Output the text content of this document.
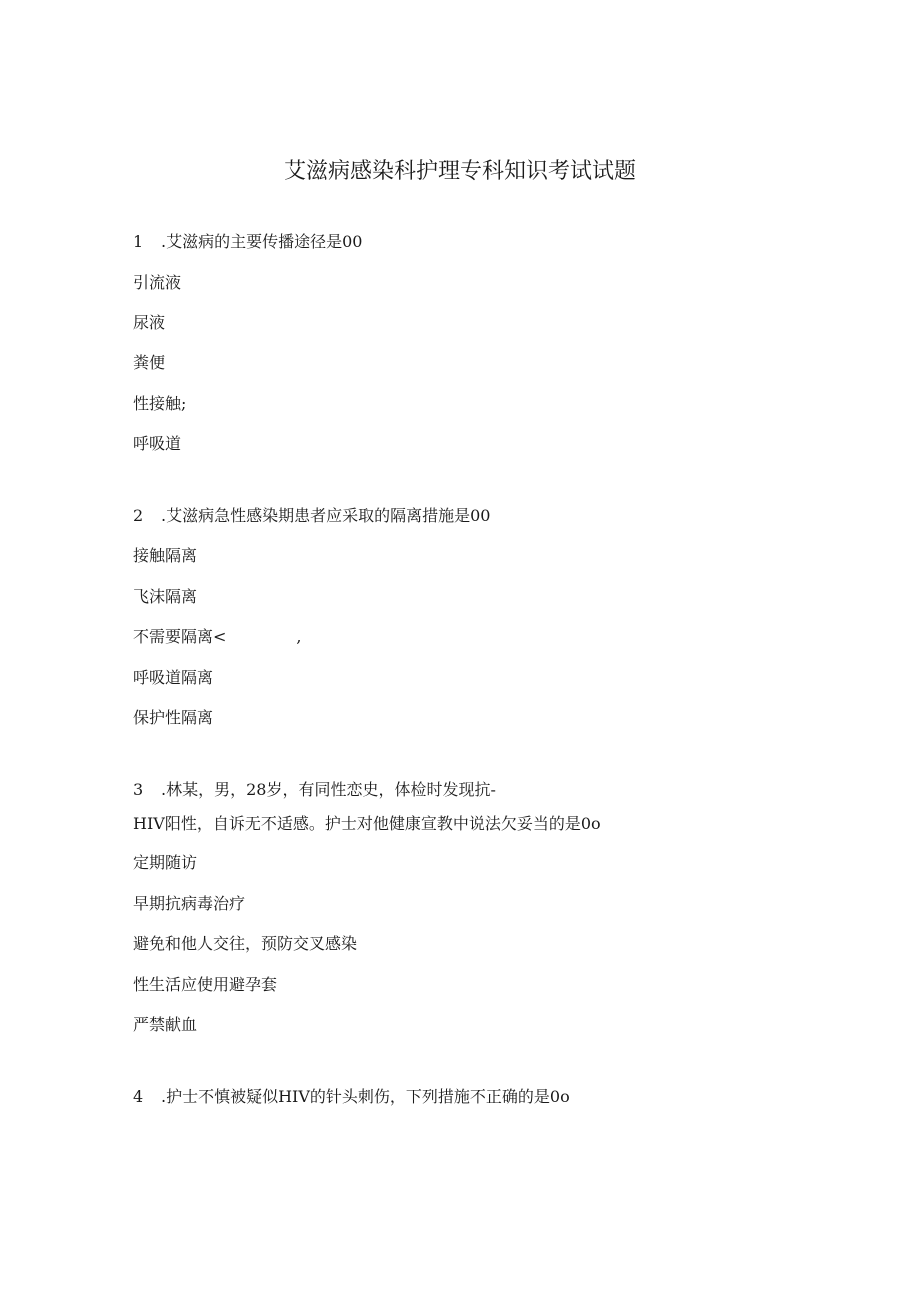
艾滋病感染科护理专科知识考试试题
1 .艾滋病的主要传播途径是00
引流液
尿液
粪便
性接触;
呼吸道
2 .艾滋病急性感染期患者应采取的隔离措施是00
接触隔离
飞沫隔离
不需要隔离<	,
呼吸道隔离
保护性隔离
3 .林某，男，28岁，有同性恋史，体检时发现抗-
HIV阳性，自诉无不适感。护士对他健康宣教中说法欠妥当的是0o
定期随访
早期抗病毒治疗
避免和他人交往，预防交叉感染
性生活应使用避孕套
严禁献血
4 .护士不慎被疑似HIV的针头刺伤，下列措施不正确的是0o
